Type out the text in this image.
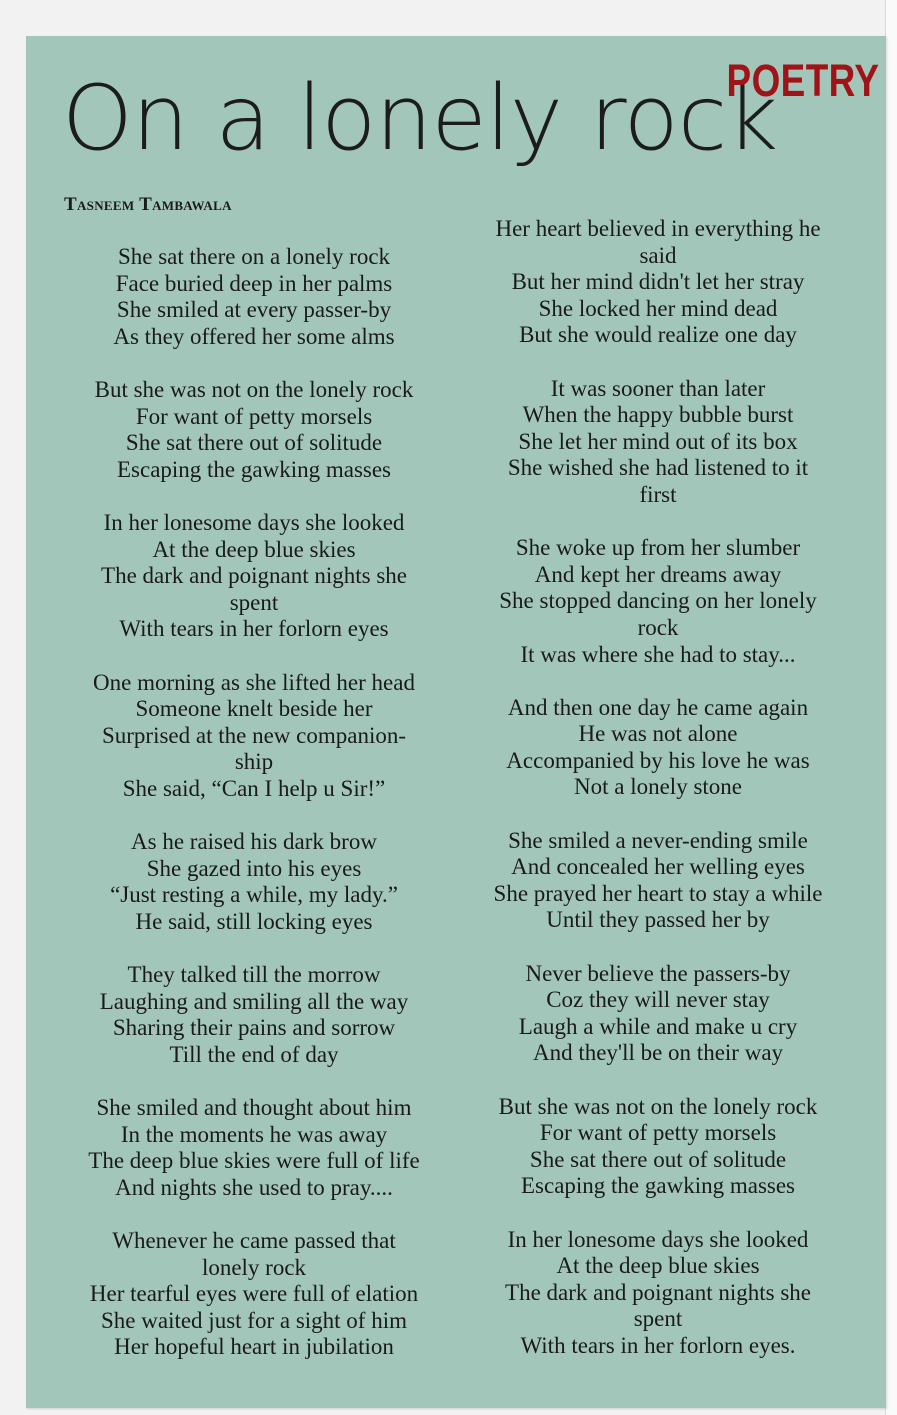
On a lonely rock
POETRY
Tasneem Tambawala
She sat there on a lonely rock
Face buried deep in her palms
She smiled at every passer-by
As they offered her some alms
But she was not on the lonely rock
For want of petty morsels
She sat there out of solitude
Escaping the gawking masses
In her lonesome days she looked
At the deep blue skies
The dark and poignant nights she
spent
With tears in her forlorn eyes
One morning as she lifted her head
Someone knelt beside her
Surprised at the new companion-
ship
She said, “Can I help u Sir!”
As he raised his dark brow
She gazed into his eyes
“Just resting a while, my lady.”
He said, still locking eyes
They talked till the morrow
Laughing and smiling all the way
Sharing their pains and sorrow
Till the end of day
She smiled and thought about him
In the moments he was away
The deep blue skies were full of life
And nights she used to pray....
Whenever he came passed that
lonely rock
Her tearful eyes were full of elation
She waited just for a sight of him
Her hopeful heart in jubilation
Her heart believed in everything he
said
But her mind didn't let her stray
She locked her mind dead
But she would realize one day
It was sooner than later
When the happy bubble burst
She let her mind out of its box
She wished she had listened to it
first
She woke up from her slumber
And kept her dreams away
She stopped dancing on her lonely
rock
It was where she had to stay...
And then one day he came again
He was not alone
Accompanied by his love he was
Not a lonely stone
She smiled a never-ending smile
And concealed her welling eyes
She prayed her heart to stay a while
Until they passed her by
Never believe the passers-by
Coz they will never stay
Laugh a while and make u cry
And they'll be on their way
But she was not on the lonely rock
For want of petty morsels
She sat there out of solitude
Escaping the gawking masses
In her lonesome days she looked
At the deep blue skies
The dark and poignant nights she
spent
With tears in her forlorn eyes.
